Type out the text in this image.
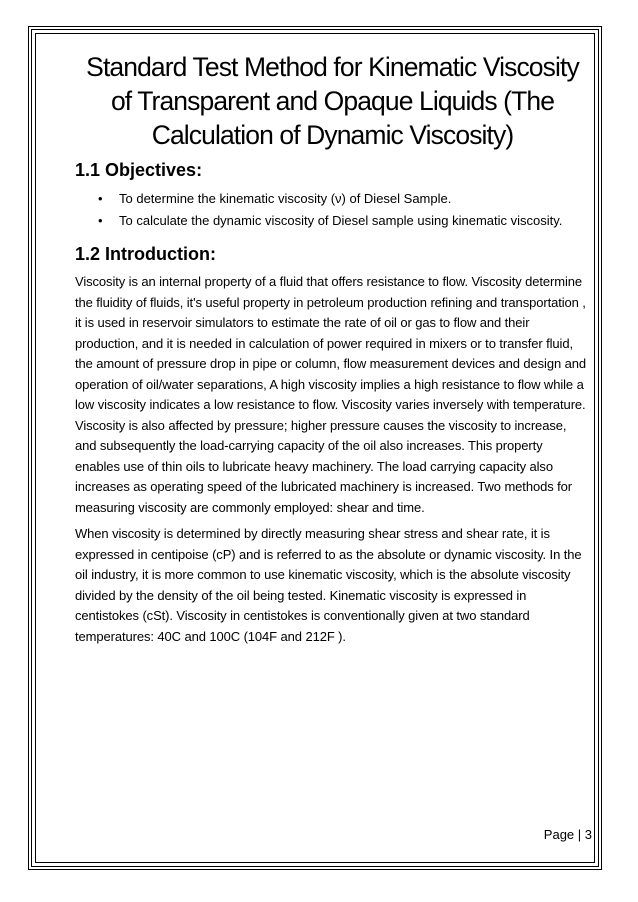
Standard Test Method for Kinematic Viscosity of Transparent and Opaque Liquids (The Calculation of Dynamic Viscosity)
1.1 Objectives:
• To determine the kinematic viscosity (ν) of Diesel Sample.
• To calculate the dynamic viscosity of Diesel sample using kinematic viscosity.
1.2 Introduction:

Viscosity is an internal property of a fluid that offers resistance to flow. Viscosity determine the fluidity of fluids, it's useful property in petroleum production refining and transportation , it is used in reservoir simulators to estimate the rate of oil or gas to flow and their production, and it is needed in calculation of power required in mixers or to transfer fluid, the amount of pressure drop in pipe or column, flow measurement devices and design and operation of oil/water separations, A high viscosity implies a high resistance to flow while a low viscosity indicates a low resistance to flow. Viscosity varies inversely with temperature. Viscosity is also affected by pressure; higher pressure causes the viscosity to increase, and subsequently the load-carrying capacity of the oil also increases. This property enables use of thin oils to lubricate heavy machinery. The load carrying capacity also increases as operating speed of the lubricated machinery is increased. Two methods for measuring viscosity are commonly employed: shear and time.

When viscosity is determined by directly measuring shear stress and shear rate, it is expressed in centipoise (cP) and is referred to as the absolute or dynamic viscosity. In the oil industry, it is more common to use kinematic viscosity, which is the absolute viscosity divided by the density of the oil being tested. Kinematic viscosity is expressed in centistokes (cSt). Viscosity in centistokes is conventionally given at two standard temperatures: 40C and 100C (104F and 212F ).

Page | 3
